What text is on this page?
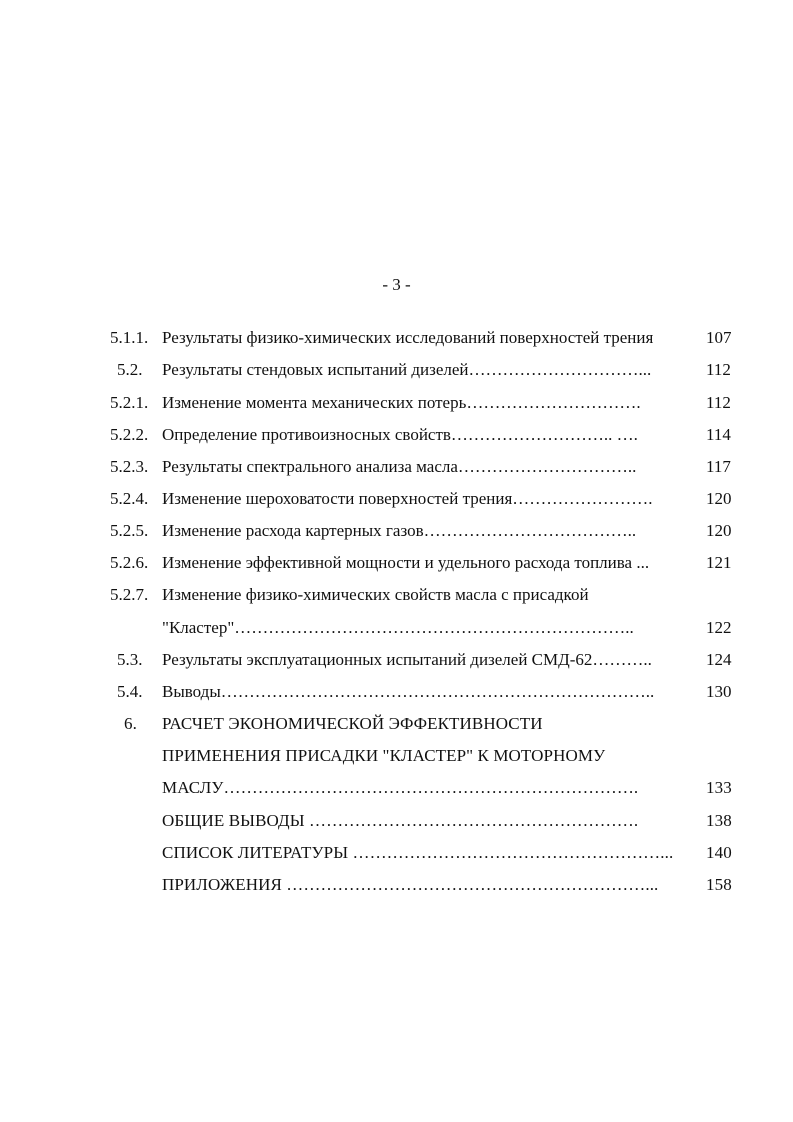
- 3 -
5.1.1. Результаты физико-химических исследований поверхностей трения	107
5.2. Результаты стендовых испытаний дизелей…………………………...	112
5.2.1. Изменение момента механических потерь………………………….	112
5.2.2. Определение противоизносных свойств……………………….. ….	114
5.2.3. Результаты спектрального анализа масла…………………………..	117
5.2.4. Изменение шероховатости поверхностей трения…………………….	120
5.2.5. Изменение расхода картерных газов………………………………..	120
5.2.6. Изменение эффективной мощности и удельного расхода топлива ...	121
5.2.7. Изменение физико-химических свойств масла с присадкой
"Кластер"……………………………………………………………..	122
5.3. Результаты эксплуатационных испытаний дизелей СМД-62………..	124
5.4. Выводы…………………………………………………………………..	130
6. РАСЧЕТ ЭКОНОМИЧЕСКОЙ ЭФФЕКТИВНОСТИ
ПРИМЕНЕНИЯ ПРИСАДКИ "КЛАСТЕР" К МОТОРНОМУ
МАСЛУ……………………………………………………………….	133
ОБЩИЕ ВЫВОДЫ ………………………………………………….	138
СПИСОК ЛИТЕРАТУРЫ ………………………………………………...	140
ПРИЛОЖЕНИЯ ………………………………………………………...	158
